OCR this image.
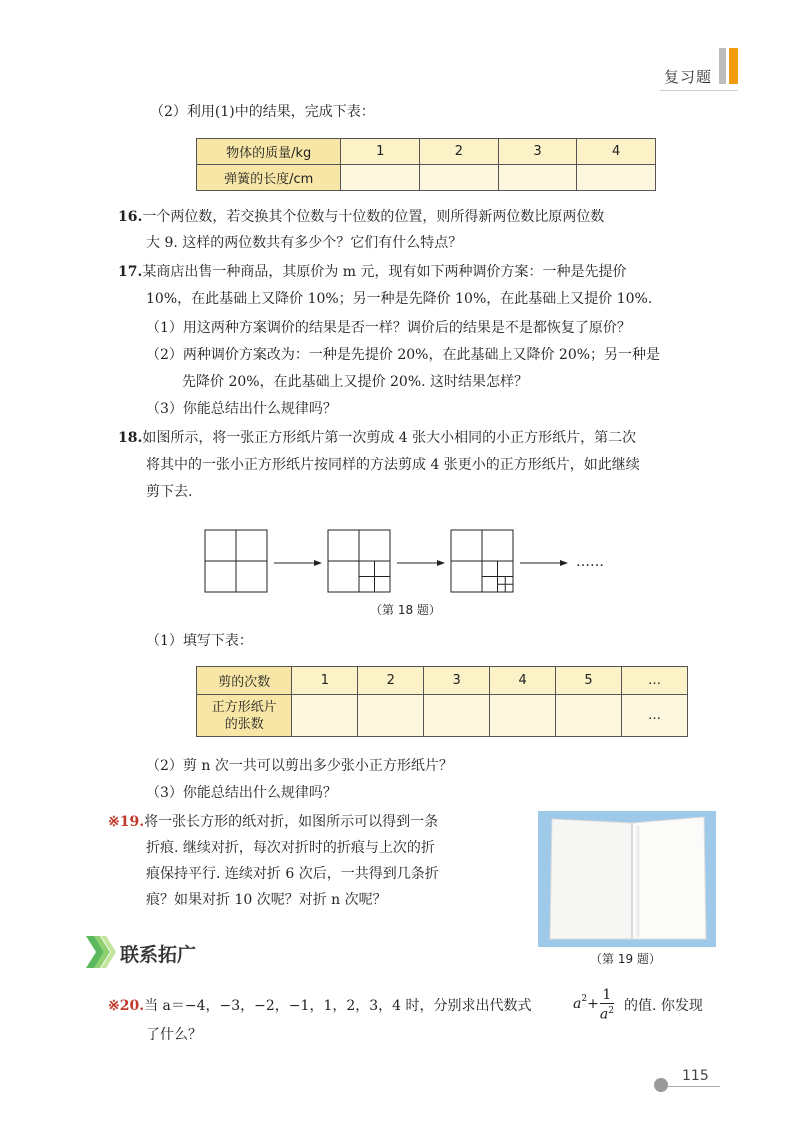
复习题
（2）利用(1)中的结果，完成下表：
物体的质量/kg	1	2	3	4
弹簧的长度/cm				
16.一个两位数，若交换其个位数与十位数的位置，则所得新两位数比原两位数
大 9. 这样的两位数共有多少个？它们有什么特点？
17.某商店出售一种商品，其原价为 m 元，现有如下两种调价方案：一种是先提价
10%，在此基础上又降价 10%；另一种是先降价 10%，在此基础上又提价 10%.
（1）用这两种方案调价的结果是否一样？调价后的结果是不是都恢复了原价？
（2）两种调价方案改为：一种是先提价 20%，在此基础上又降价 20%；另一种是
先降价 20%，在此基础上又提价 20%. 这时结果怎样？
（3）你能总结出什么规律吗？
18.如图所示，将一张正方形纸片第一次剪成 4 张大小相同的小正方形纸片，第二次
将其中的一张小正方形纸片按同样的方法剪成 4 张更小的正方形纸片，如此继续
剪下去.
……
（第 18 题）
（1）填写下表：
剪的次数	1	2	3	4	5	…
正方形纸片
的张数						…
（2）剪 n 次一共可以剪出多少张小正方形纸片？
（3）你能总结出什么规律吗？
※19.将一张长方形的纸对折，如图所示可以得到一条
折痕. 继续对折，每次对折时的折痕与上次的折
痕保持平行. 连续对折 6 次后，一共得到几条折
痕？如果对折 10 次呢？对折 n 次呢？
（第 19 题）
联系拓广
※20.当 a＝−4，−3，−2，−1，1，2，3，4 时，分别求出代数式	$a2+ \frac{1}{a^2}$ 的值. 你发现
了什么？
115
